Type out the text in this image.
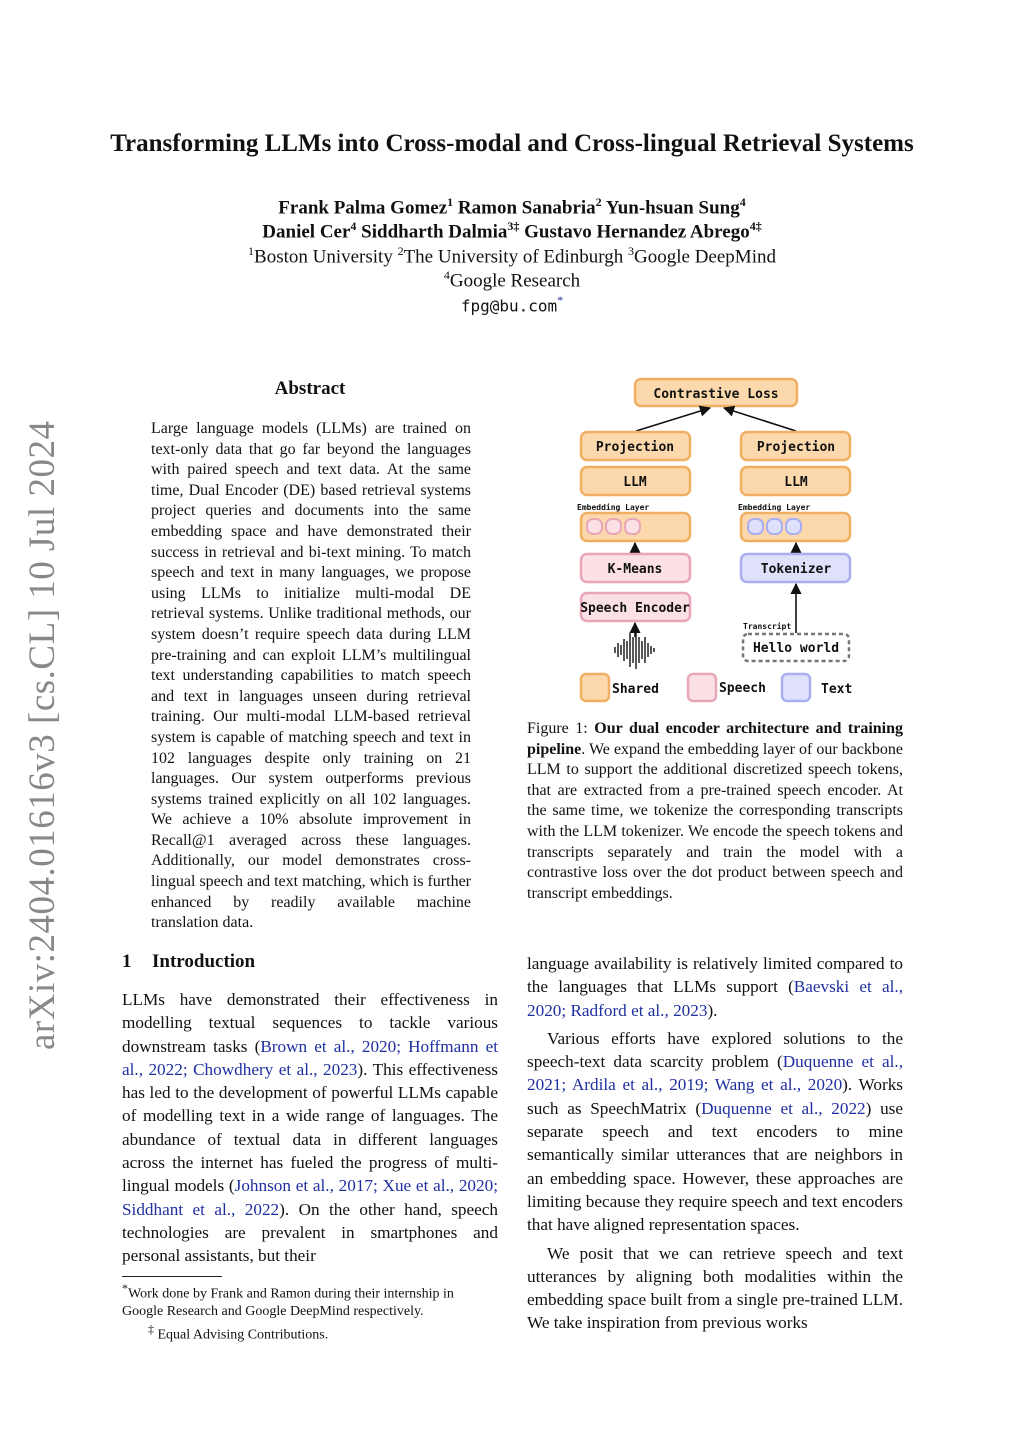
arXiv:2404.01616v3 [cs.CL] 10 Jul 2024
Transforming LLMs into Cross-modal and Cross-lingual Retrieval Systems
Frank Palma Gomez$^1$ Ramon Sanabria$^2$ Yun-hsuan Sung$^4$
Daniel Cer$^4$ Siddharth Dalmia$^{3\ddagger}$ Gustavo Hernandez Abrego$^{4\ddagger}$
$^1$Boston University $^2$The University of Edinburgh $^3$Google DeepMind
$^4$Google Research
fpg@bu.com*
Abstract
Large language models (LLMs) are trained on text-only data that go far beyond the languages with paired speech and text data. At the same time, Dual Encoder (DE) based retrieval systems project queries and documents into the same embedding space and have demonstrated their success in retrieval and bi-text mining. To match speech and text in many languages, we propose using LLMs to initialize multi-modal DE retrieval systems. Unlike traditional methods, our system doesn’t require speech data during LLM pre-training and can exploit LLM’s multilingual text understanding capabilities to match speech and text in languages unseen during retrieval training. Our multi-modal LLM-based retrieval system is capable of matching speech and text in 102 languages despite only training on 21 languages. Our system outperforms previous systems trained explicitly on all 102 languages. We achieve a 10% absolute improvement in Recall@1 averaged across these languages. Additionally, our model demonstrates cross-lingual speech and text matching, which is further enhanced by readily available machine translation data.
Contrastive Loss
Projection
LLM
Embedding Layer
K-Means
Speech Encoder
Projection
LLM
Embedding Layer
Tokenizer
Transcript
Hello world
Shared	Speech	Text
Figure 1: Our dual encoder architecture and training pipeline. We expand the embedding layer of our backbone LLM to support the additional discretized speech tokens, that are extracted from a pre-trained speech encoder. At the same time, we tokenize the corresponding transcripts with the LLM tokenizer. We encode the speech tokens and transcripts separately and train the model with a contrastive loss over the dot product between speech and transcript embeddings.
1 Introduction
LLMs have demonstrated their effectiveness in modelling textual sequences to tackle various downstream tasks (Brown et al., 2020; Hoffmann et al., 2022; Chowdhery et al., 2023). This effectiveness has led to the development of powerful LLMs capable of modelling text in a wide range of languages. The abundance of textual data in different languages across the internet has fueled the progress of multi-lingual models (Johnson et al., 2017; Xue et al., 2020; Siddhant et al., 2022). On the other hand, speech technologies are prevalent in smartphones and personal assistants, but their

language availability is relatively limited compared to the languages that LLMs support (Baevski et al., 2020; Radford et al., 2023).

Various efforts have explored solutions to the speech-text data scarcity problem (Duquenne et al., 2021; Ardila et al., 2019; Wang et al., 2020). Works such as SpeechMatrix (Duquenne et al., 2022) use separate speech and text encoders to mine semantically similar utterances that are neighbors in an embedding space. However, these approaches are limiting because they require speech and text encoders that have aligned representation spaces.

We posit that we can retrieve speech and text utterances by aligning both modalities within the embedding space built from a single pre-trained LLM. We take inspiration from previous works

*Work done by Frank and Ramon during their internship in Google Research and Google DeepMind respectively.

‡ Equal Advising Contributions.
